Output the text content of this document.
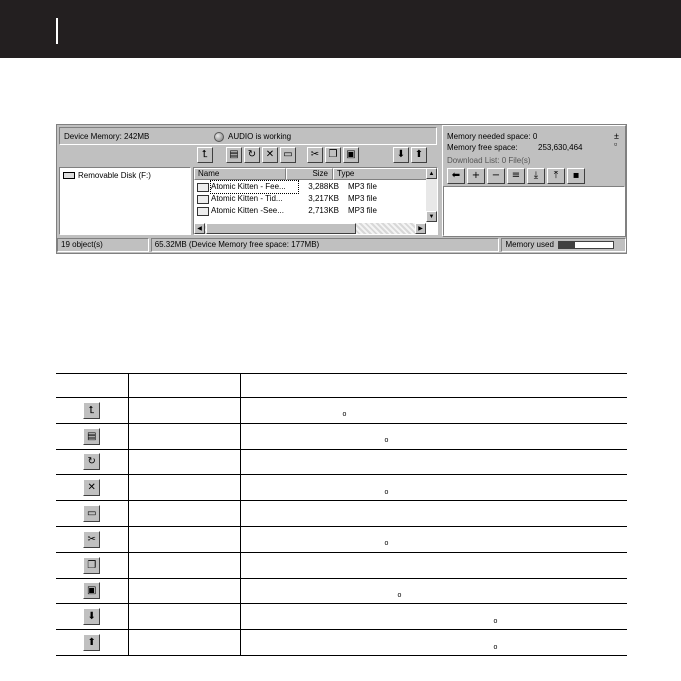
Device Memory: 242MB	AUDIO is working
⮤ ▤ ↻ ✕ ▭ ✂ ❐ ▣	⬇ ⬆
Removable Disk (F:)	Name	Size	Type
Atomic Kitten - Fee...	3,288KB	MP3 file
Atomic Kitten - Tid...	3,217KB	MP3 file
Atomic Kitten -See...	2,713KB	MP3 file
▲
▼
◀	▶
Memory needed space: 0
Memory free space:	253,630,464
Download List: 0 File(s)
±
▫
⬅ + − ≡ ⤓ ⤒ ▪
19 object(s)	65.32MB (Device Memory free space: 177MB)	Memory used

⮤		$_o$
▤		$_o$
↻		
✕		$_o$
▭		
✂		$_o$
❐		
▣		$_o$
⬇		$_o$
⬆		$_o$
